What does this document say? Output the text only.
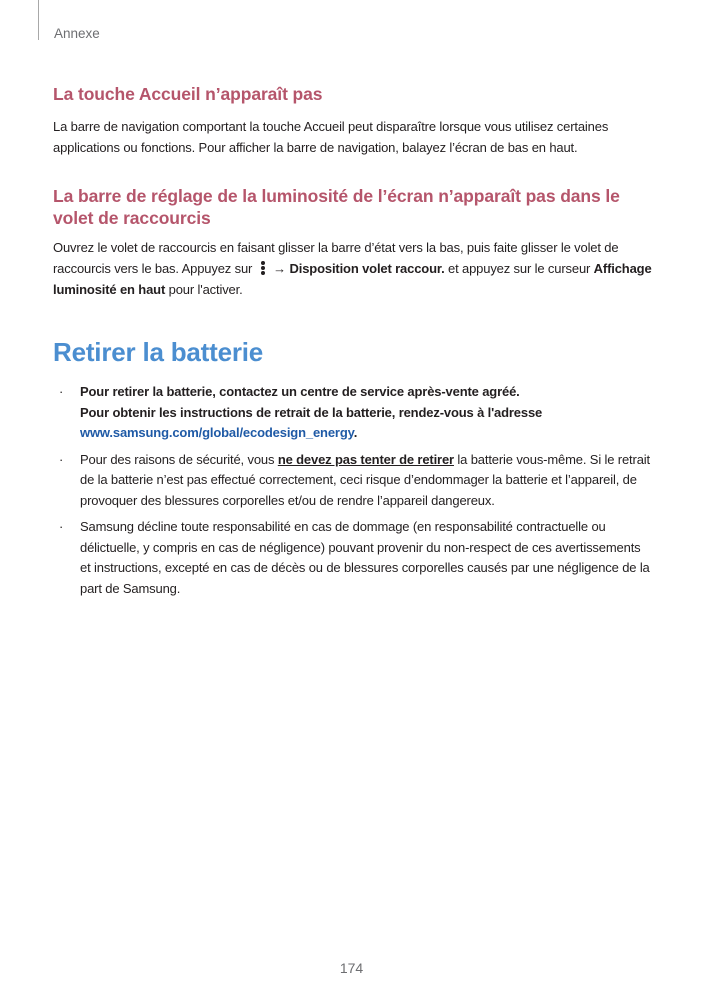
Annexe
La touche Accueil n’apparaît pas

La barre de navigation comportant la touche Accueil peut disparaître lorsque vous utilisez certaines applications ou fonctions. Pour afficher la barre de navigation, balayez l’écran de bas en haut.

La barre de réglage de la luminosité de l’écran n’apparaît pas dans le volet de raccourcis

Ouvrez le volet de raccourcis en faisant glisser la barre d’état vers la bas, puis faite glisser le volet de raccourcis vers le bas. Appuyez sur → Disposition volet raccour. et appuyez sur le curseur Affichage luminosité en haut pour l'activer.

Retirer la batterie
· Pour retirer la batterie, contactez un centre de service après-vente agréé.
Pour obtenir les instructions de retrait de la batterie, rendez-vous à l'adresse
www.samsung.com/global/ecodesign_energy.
· Pour des raisons de sécurité, vous ne devez pas tenter de retirer la batterie vous-même. Si le retrait de la batterie n’est pas effectué correctement, ceci risque d’endommager la batterie et l’appareil, de provoquer des blessures corporelles et/ou de rendre l’appareil dangereux.
· Samsung décline toute responsabilité en cas de dommage (en responsabilité contractuelle ou délictuelle, y compris en cas de négligence) pouvant provenir du non-respect de ces avertissements et instructions, excepté en cas de décès ou de blessures corporelles causés par une négligence de la part de Samsung.
174
